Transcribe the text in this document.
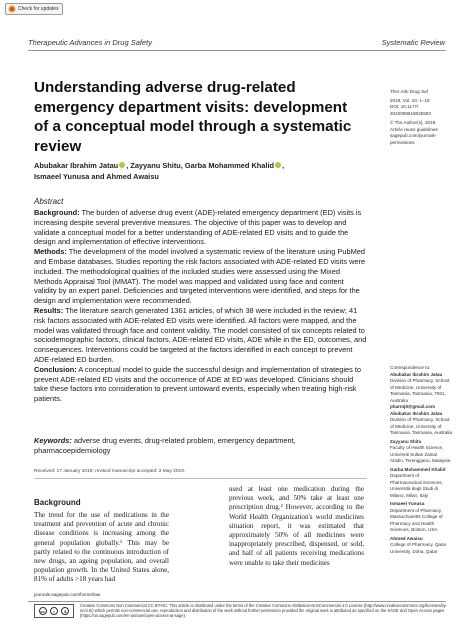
Check for updates
Therapeutic Advances in Drug Safety	Systematic Review
Understanding adverse drug-related emergency department visits: development of a conceptual model through a systematic review
Abubakar Ibrahim Jatau , Zayyanu Shitu, Garba Mohammed Khalid ,
Ismaeel Yunusa and Ahmed Awaisu
Ther Adv Drug Saf
2019, Vol. 10: 1–18
DOI: 10.1177/
2042098619825583
© The Author(s), 2019.
Article reuse guidelines:
sagepub.com/journals-
permissions
Correspondence to:
Abubakar Ibrahim Jatau
Division of Pharmacy, School of Medicine, University of Tasmania, Tasmania, 7001, Australia
pharmj8@gmail.com
Abubakar Ibrahim Jatau
Division of Pharmacy, School of Medicine, University of Tasmania, Tasmania, Australia
Zayyanu Shitu
Faculty of Health Science, Universiti Sultan Zainal Abidin, Terengganu, Malaysia
Garba Mohammed Khalid
Department of Pharmaceutical Sciences, Università degli Studi di Milano, Milan, Italy
Ismaeel Yunusa
Department of Pharmacy, Massachusetts College of Pharmacy and Health Sciences, Boston, USA
Ahmed Awaisu
College of Pharmacy, Qatar University, Doha, Qatar
Abstract

Background: The burden of adverse drug event (ADE)-related emergency department (ED) visits is increasing despite several preventive measures. The objective of this paper was to develop and validate a conceptual model for a better understanding of ADE-related ED visits and to guide the design and implementation of effective interventions.

Methods: The development of the model involved a systematic review of the literature using PubMed and Embase databases. Studies reporting the risk factors associated with ADE-related ED visits were included. The methodological qualities of the included studies were assessed using the Mixed Methods Appraisal Tool (MMAT). The model was mapped and validated using face and content validity by an expert panel. Deficiencies and targeted interventions were identified, and steps for the design and implementation were recommended.

Results: The literature search generated 1361 articles, of which 38 were included in the review; 41 risk factors associated with ADE-related ED visits were identified. All factors were mapped, and the model was validated through face and content validity. The model consisted of six concepts related to sociodemographic factors, clinical factors, ADE-related ED visits, ADE while in the ED, outcomes, and consequences. Interventions could be targeted at the factors identified in each concept to prevent ADE-related ED burden.

Conclusion: A conceptual model to guide the successful design and implementation of strategies to prevent ADE-related ED visits and the occurrence of ADE at ED was developed. Clinicians should take these factors into consideration to prevent untoward events, especially when treating high-risk patients.

Keywords: adverse drug events, drug-related problem, emergency department, pharmacoepidemiology
Received: 17 January 2019; revised manuscript accepted: 2 May 2019.
Background
The trend for the use of medications in the treatment and prevention of acute and chronic disease conditions is increasing among the general population globally.¹ This may be partly related to the continuous introduction of new drugs, an ageing population, and overall population growth. In the United States alone, 81% of adults >18 years had
used at least one medication during the previous week, and 50% take at least one prescription drug.² However, according to the World Health Organization's world medicines situation report, it was estimated that approximately 50% of all medicines were inappropriately prescribed, dispensed, or sold, and half of all patients receiving medications were unable to take their medicines
journals.sagepub.com/home/taw
cc	i	$
Creative Commons Non Commercial CC BY-NC: This article is distributed under the terms of the Creative Commons Attribution-NonCommercial 4.0 License (http://www.creativecommons.org/licenses/by-nc/4.0/) which permits non-commercial use, reproduction and distribution of the work without further permission provided the original work is attributed as specified on the SAGE and Open Access pages (https://us.sagepub.com/en-us/nam/open-access-at-sage).
